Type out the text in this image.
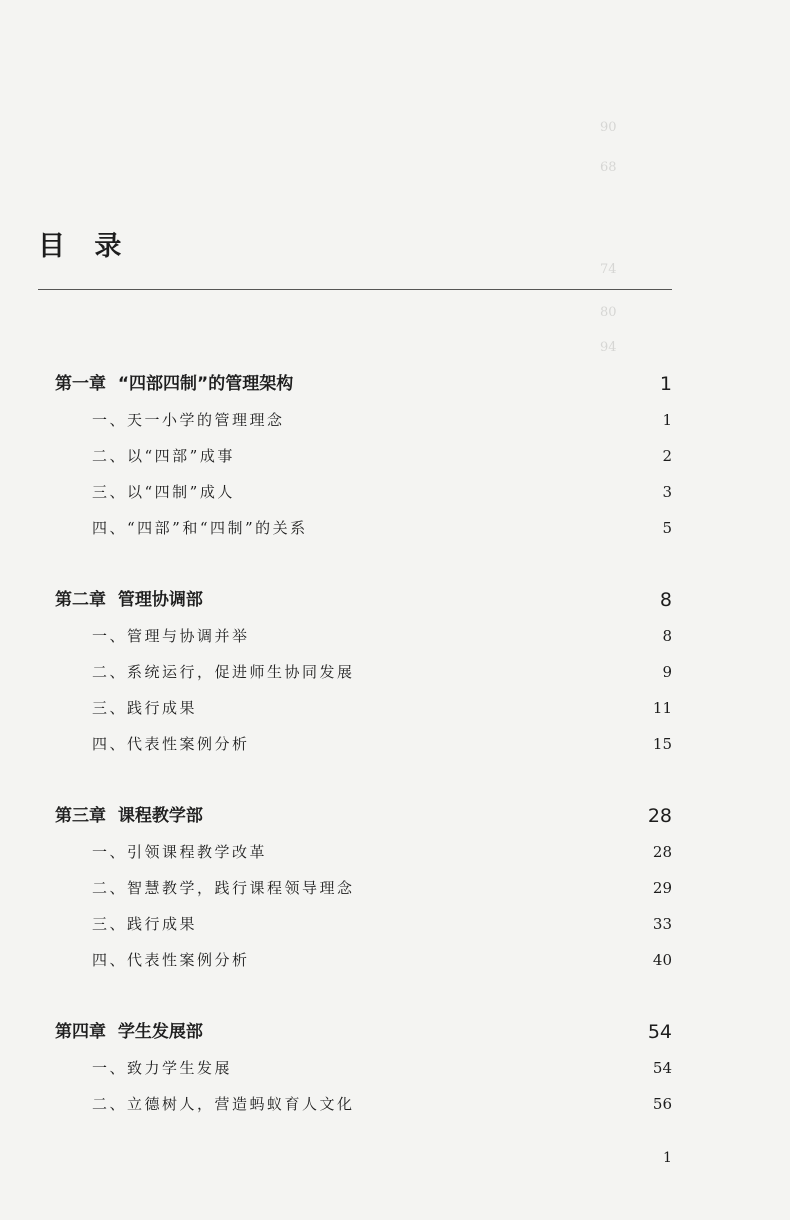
90
68
74
80
94
目 录
第一章 “四部四制”的管理架构	1
一、天一小学的管理理念	1
二、以“四部”成事	2
三、以“四制”成人	3
四、“四部”和“四制”的关系	5
第二章 管理协调部	8
一、管理与协调并举	8
二、系统运行，促进师生协同发展	9
三、践行成果	11
四、代表性案例分析	15
第三章 课程教学部	28
一、引领课程教学改革	28
二、智慧教学，践行课程领导理念	29
三、践行成果	33
四、代表性案例分析	40
第四章 学生发展部	54
一、致力学生发展	54
二、立德树人，营造蚂蚁育人文化	56
1
